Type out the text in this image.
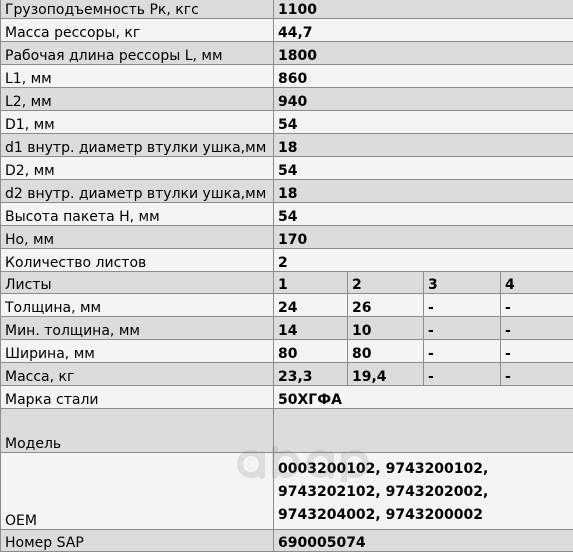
Грузоподъемность Рк, кгс	1100			
Масса рессоры, кг	44,7			
Рабочая длина рессоры L, мм	1800			
L1, мм	860			
L2, мм	940			
D1, мм	54			
d1 внутр. диаметр втулки ушка,мм	18			
D2, мм	54			
d2 внутр. диаметр втулки ушка,мм	18			
Высота пакета H, мм	54			
Ho, мм	170			
Количество листов	2			
Листы	1	2	3	4
Толщина, мм	24	26	-	-
Мин. толщина, мм	14	10	-	-
Ширина, мм	80	80	-	-
Масса, кг	23,3	19,4	-	-
Марка стали	50ХГФА			
Модель				
OEM	0003200102, 9743200102, 9743202102, 9743202002, 9743204002, 9743200002			
Номер SAP	690005074			
